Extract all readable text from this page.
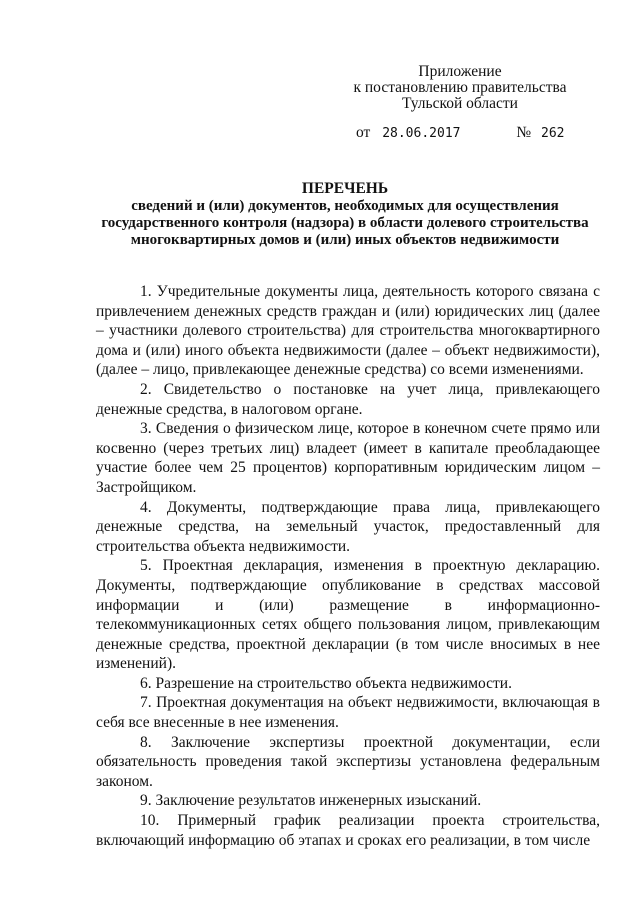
Приложение
к постановлению правительства
Тульской области
от 28.06.2017	№ 262
ПЕРЕЧЕНЬ
сведений и (или) документов, необходимых для осуществления
государственного контроля (надзора) в области долевого строительства
многоквартирных домов и (или) иных объектов недвижимости

1. Учредительные документы лица, деятельность которого связана с привлечением денежных средств граждан и (или) юридических лиц (далее – участники долевого строительства) для строительства многоквартирного дома и (или) иного объекта недвижимости (далее – объект недвижимости), (далее – лицо, привлекающее денежные средства) со всеми изменениями.

2. Свидетельство о постановке на учет лица, привлекающего денежные средства, в налоговом органе.

3. Сведения о физическом лице, которое в конечном счете прямо или косвенно (через третьих лиц) владеет (имеет в капитале преобладающее участие более чем 25 процентов) корпоративным юридическим лицом – Застройщиком.

4. Документы, подтверждающие права лица, привлекающего денежные средства, на земельный участок, предоставленный для строительства объекта недвижимости.

5. Проектная декларация, изменения в проектную декларацию. Документы, подтверждающие опубликование в средствах массовой информации и (или) размещение в информационно-телекоммуникационных сетях общего пользования лицом, привлекающим денежные средства, проектной декларации (в том числе вносимых в нее изменений).

6. Разрешение на строительство объекта недвижимости.

7. Проектная документация на объект недвижимости, включающая в себя все внесенные в нее изменения.

8. Заключение экспертизы проектной документации, если обязательность проведения такой экспертизы установлена федеральным законом.

9. Заключение результатов инженерных изысканий.

10. Примерный график реализации проекта строительства, включающий информацию об этапах и сроках его реализации, в том числе
